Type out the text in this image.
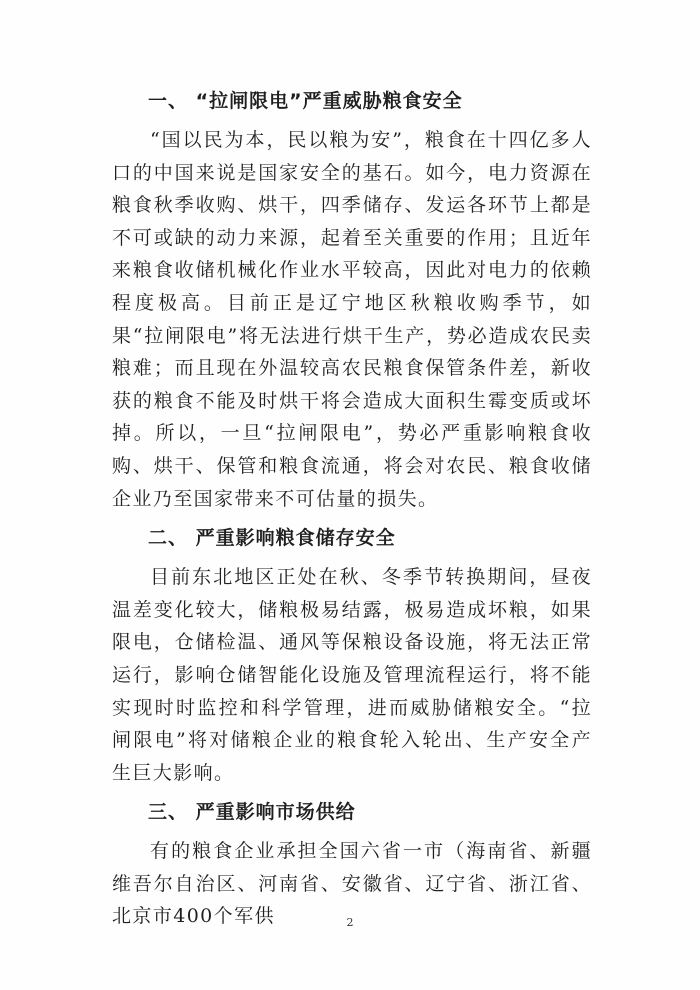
一、 “拉闸限电”严重威胁粮食安全

“国以民为本，民以粮为安”，粮食在十四亿多人口的中国来说是国家安全的基石。如今，电力资源在粮食秋季收购、烘干，四季储存、发运各环节上都是不可或缺的动力来源，起着至关重要的作用；且近年来粮食收储机械化作业水平较高，因此对电力的依赖程度极高。目前正是辽宁地区秋粮收购季节，如果“拉闸限电”将无法进行烘干生产，势必造成农民卖粮难；而且现在外温较高农民粮食保管条件差，新收获的粮食不能及时烘干将会造成大面积生霉变质或坏掉。所以，一旦“拉闸限电”，势必严重影响粮食收购、烘干、保管和粮食流通，将会对农民、粮食收储企业乃至国家带来不可估量的损失。

二、 严重影响粮食储存安全

目前东北地区正处在秋、冬季节转换期间，昼夜温差变化较大，储粮极易结露，极易造成坏粮，如果限电，仓储检温、通风等保粮设备设施，将无法正常运行，影响仓储智能化设施及管理流程运行，将不能实现时时监控和科学管理，进而威胁储粮安全。“拉闸限电”将对储粮企业的粮食轮入轮出、生产安全产生巨大影响。

三、 严重影响市场供给

有的粮食企业承担全国六省一市（海南省、新疆维吾尔自治区、河南省、安徽省、辽宁省、浙江省、北京市400个军供	2
